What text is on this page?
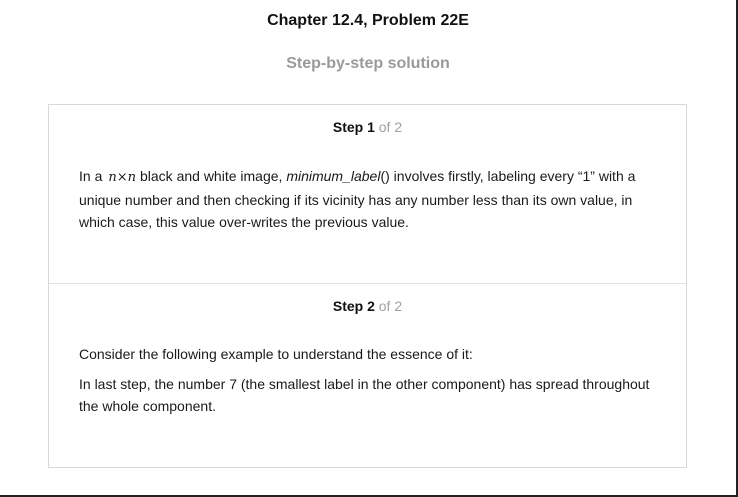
Chapter 12.4, Problem 22E
Step-by-step solution
Step 1 of 2

In a n×n black and white image, minimum_label() involves firstly, labeling every “1” with a unique number and then checking if its vicinity has any number less than its own value, in which case, this value over-writes the previous value.

Step 2 of 2

Consider the following example to understand the essence of it:

In last step, the number 7 (the smallest label in the other component) has spread throughout the whole component.
